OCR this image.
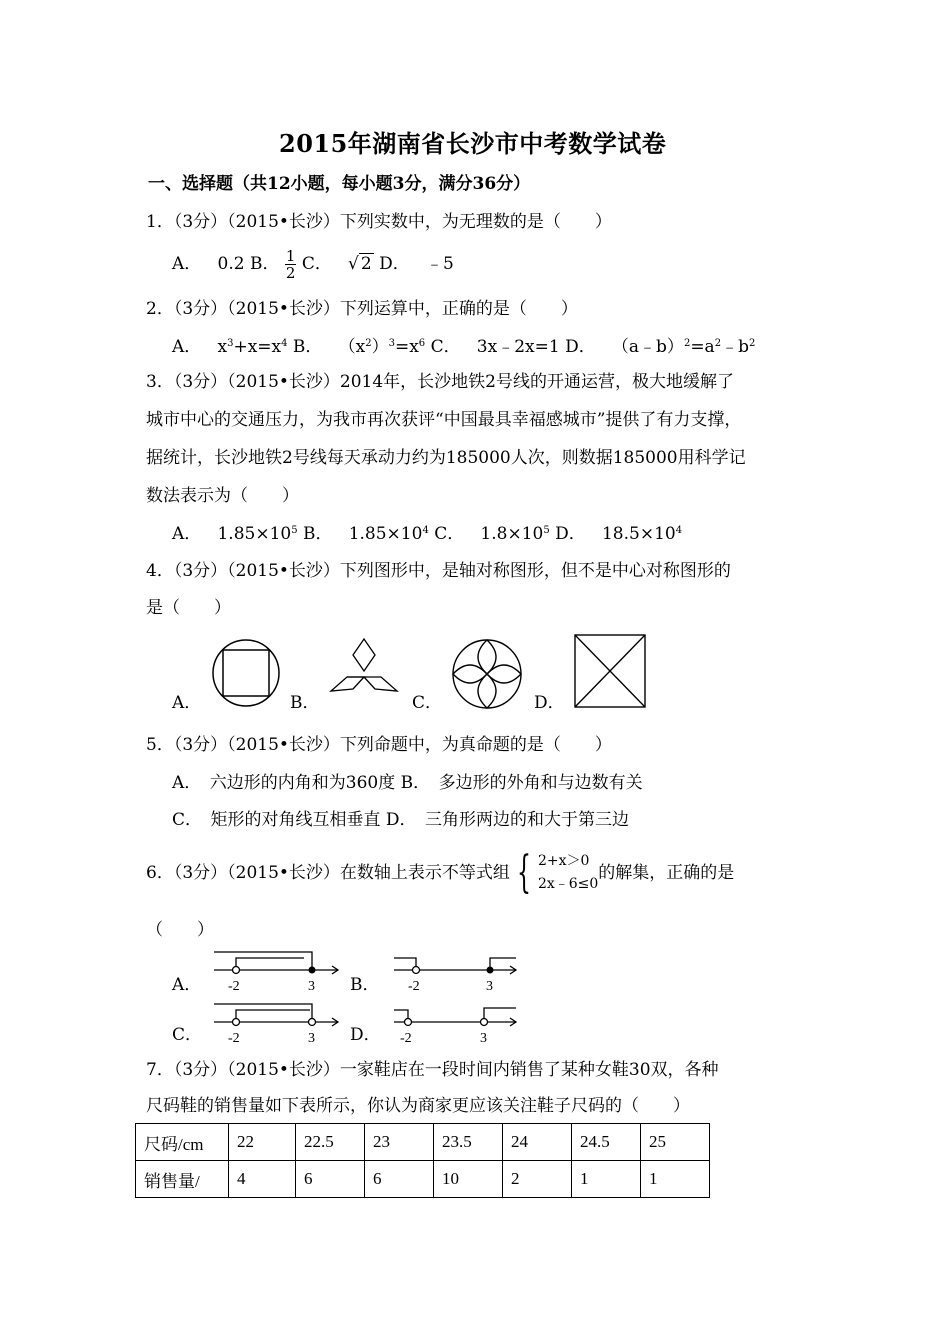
2015年湖南省长沙市中考数学试卷
一、选择题（共12小题，每小题3分，满分36分）
1．（3分）（2015•长沙）下列实数中，为无理数的是（　　）
A． 0.2 B． $\frac{1}{2}$ C． √ 2 D． ﹣5
2．（3分）（2015•长沙）下列运算中，正确的是（　　）
A．   $x^3+x=x^4$ B．   $(x^2)^3=x^6$ C．   3x﹣2x=1 D．   $(a﹣b)^2=a^2﹣b^2$
3．（3分）（2015•长沙）2014年，长沙地铁2号线的开通运营，极大地缓解了
城市中心的交通压力，为我市再次获评“中国最具幸福感城市”提供了有力支撑，
据统计，长沙地铁2号线每天承动力约为185000人次，则数据185000用科学记
数法表示为（　　）
A．   $1.85\times 10^5$ B．   $1.85\times 10^4$ C．   $1.8\times 10^5$ D．   $18.5\times 10^4$
4．（3分）（2015•长沙）下列图形中，是轴对称图形，但不是中心对称图形的
是（　　）
A．	B．	C．	D．
5．（3分）（2015•长沙）下列命题中，为真命题的是（　　）
A．　六边形的内角和为360度 B．　多边形的外角和与边数有关
C．　矩形的对角线互相垂直 D．　三角形两边的和大于第三边
6．（3分）（2015•长沙）在数轴上表示不等式组 { 2+x＞0
2x﹣6≤0
的解集，正确的是
（　　）
A． -2	3 B． -2	3
C． -2	3 D． -2	3
7．（3分）（2015•长沙）一家鞋店在一段时间内销售了某种女鞋30双，各种
尺码鞋的销售量如下表所示，你认为商家更应该关注鞋子尺码的（　　）
尺码/cm	22	22.5	23	23.5	24	24.5	25
销售量/	4	6	6	10	2	1	1
